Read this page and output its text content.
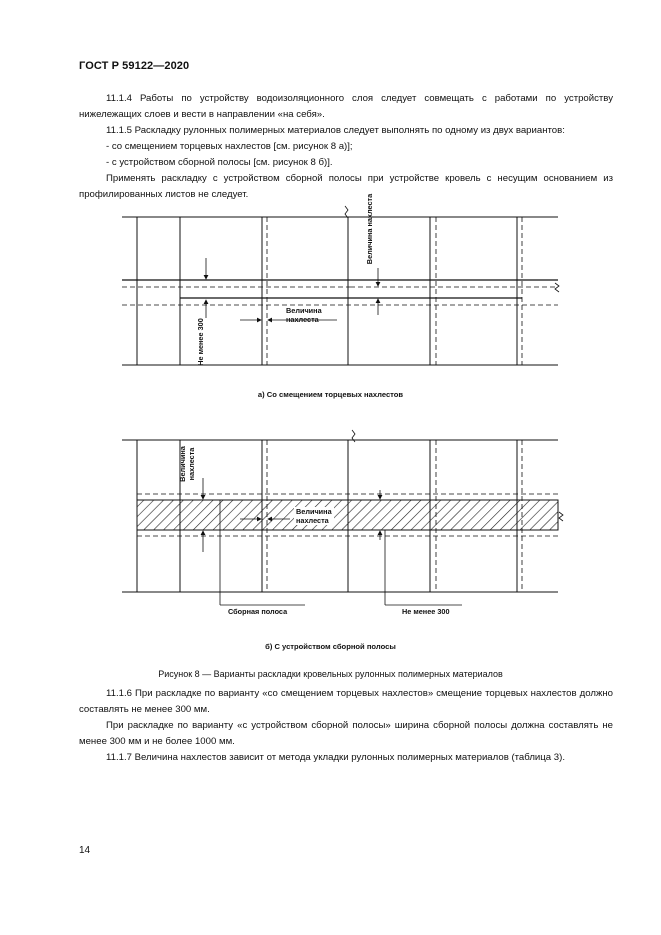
ГОСТ Р 59122—2020

11.1.4 Работы по устройству водоизоляционного слоя следует совмещать с работами по устройству нижележащих слоев и вести в направлении «на себя».

11.1.5 Раскладку рулонных полимерных материалов следует выполнять по одному из двух вариантов:

- со смещением торцевых нахлестов [см. рисунок 8 а)];

- с устройством сборной полосы [см. рисунок 8 б)].

Применять раскладку с устройством сборной полосы при устройстве кровель с несущим основанием из профилированных листов не следует.

Величина
нахлеста
Величина нахлеста
Не менее 300
а) Со смещением торцевых нахлестов
Величина нахлеста
Величина
нахлеста
Сборная полоса	Не менее 300
б) С устройством сборной полосы
Рисунок 8 — Варианты раскладки кровельных рулонных полимерных материалов

11.1.6 При раскладке по варианту «со смещением торцевых нахлестов» смещение торцевых нахлестов должно составлять не менее 300 мм.

При раскладке по варианту «с устройством сборной полосы» ширина сборной полосы должна составлять не менее 300 мм и не более 1000 мм.

11.1.7 Величина нахлестов зависит от метода укладки рулонных полимерных материалов (таблица 3).

14
